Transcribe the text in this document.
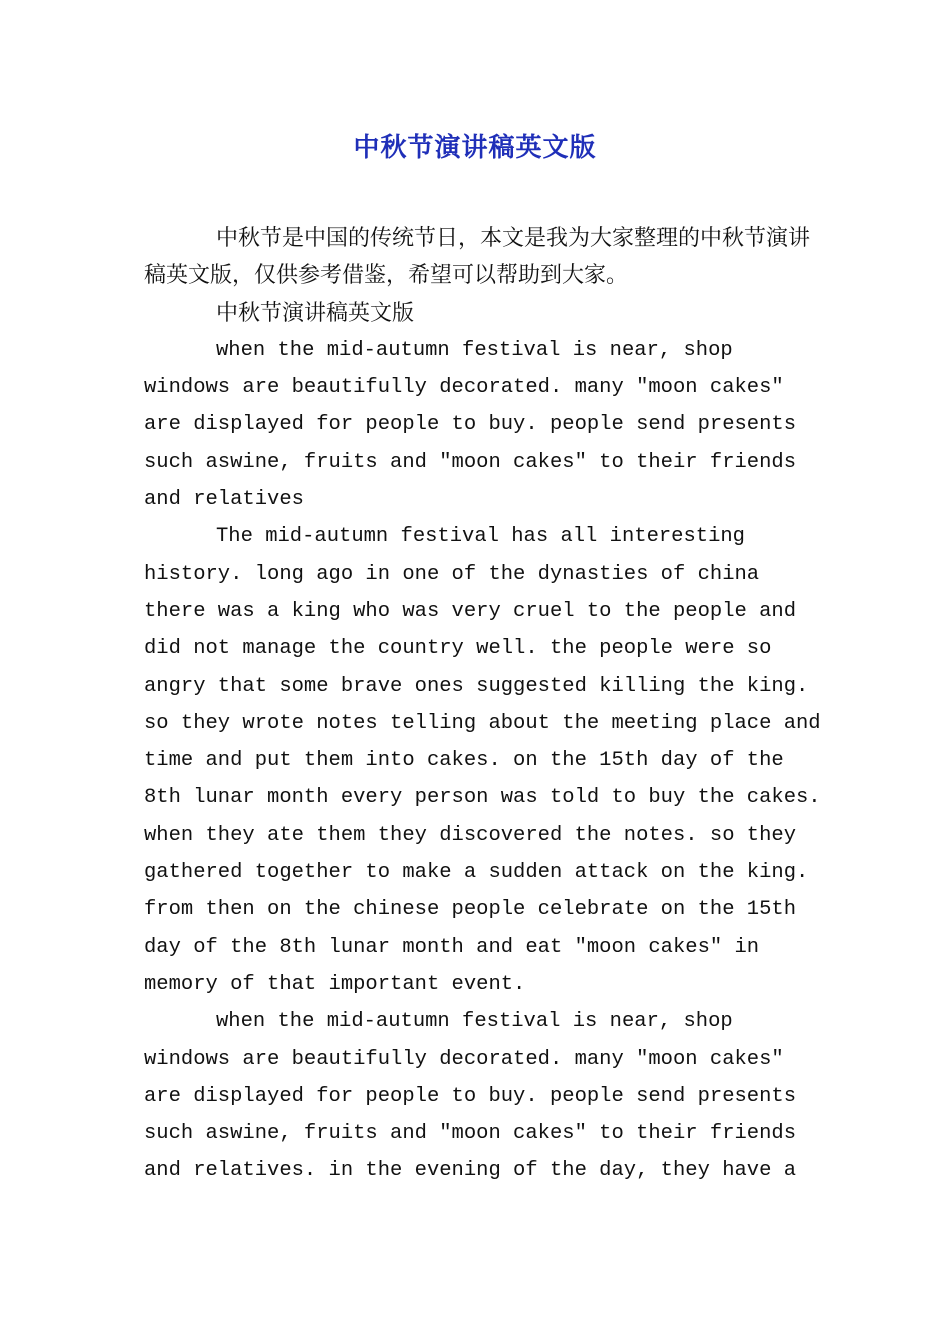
中秋节演讲稿英文版

中秋节是中国的传统节日，本文是我为大家整理的中秋节演讲稿英文版，仅供参考借鉴，希望可以帮助到大家。

中秋节演讲稿英文版

when the mid-autumn festival is near, shop
windows are beautifully decorated. many "moon cakes"
are displayed for people to buy. people send presents
such aswine, fruits and "moon cakes" to their friends
and relatives
The mid-autumn festival has all interesting
history. long ago in one of the dynasties of china
there was a king who was very cruel to the people and
did not manage the country well. the people were so
angry that some brave ones suggested killing the king.
so they wrote notes telling about the meeting place and
time and put them into cakes. on the 15th day of the
8th lunar month every person was told to buy the cakes.
when they ate them they discovered the notes. so they
gathered together to make a sudden attack on the king.
from then on the chinese people celebrate on the 15th
day of the 8th lunar month and eat "moon cakes" in
memory of that important event.
when the mid-autumn festival is near, shop
windows are beautifully decorated. many "moon cakes"
are displayed for people to buy. people send presents
such aswine, fruits and "moon cakes" to their friends
and relatives. in the evening of the day, they have a
